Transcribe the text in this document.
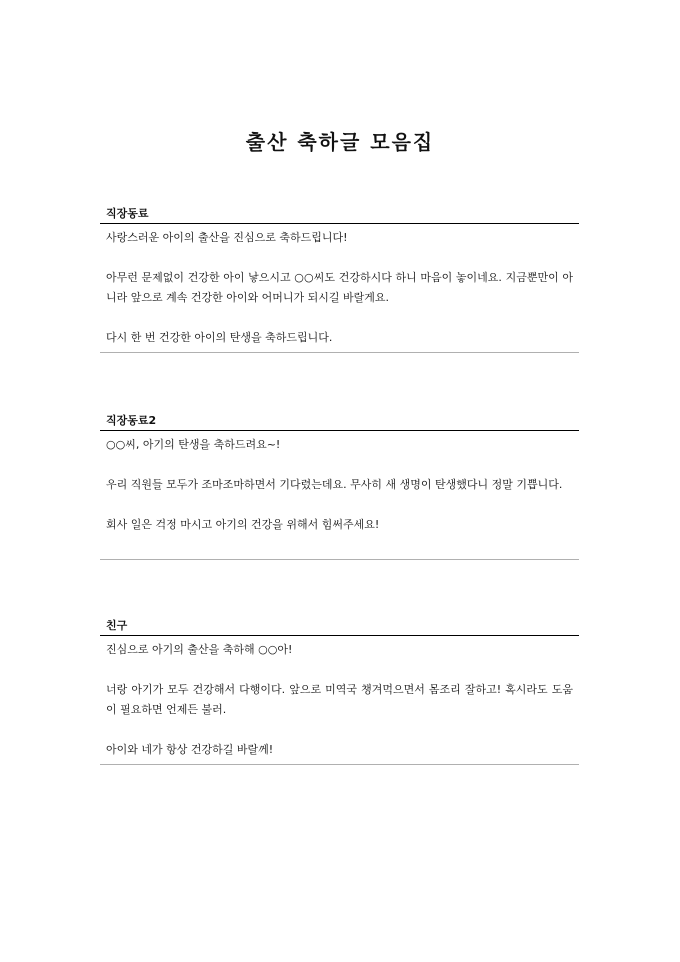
출산 축하글 모음집
직장동료

사랑스러운 아이의 출산을 진심으로 축하드립니다!

아무런 문제없이 건강한 아이 낳으시고 ○○씨도 건강하시다 하니 마음이 놓이네요. 지금뿐만이 아니라 앞으로 계속 건강한 아이와 어머니가 되시길 바랄게요.

다시 한 번 건강한 아이의 탄생을 축하드립니다.

직장동료2

○○씨, 아기의 탄생을 축하드려요~!

우리 직원들 모두가 조마조마하면서 기다렸는데요. 무사히 새 생명이 탄생했다니 정말 기쁩니다.

회사 일은 걱정 마시고 아기의 건강을 위해서 힘써주세요!

친구

진심으로 아기의 출산을 축하해 ○○아!

너랑 아기가 모두 건강해서 다행이다. 앞으로 미역국 챙겨먹으면서 몸조리 잘하고! 혹시라도 도움이 필요하면 언제든 불러.

아이와 네가 항상 건강하길 바랄께!
